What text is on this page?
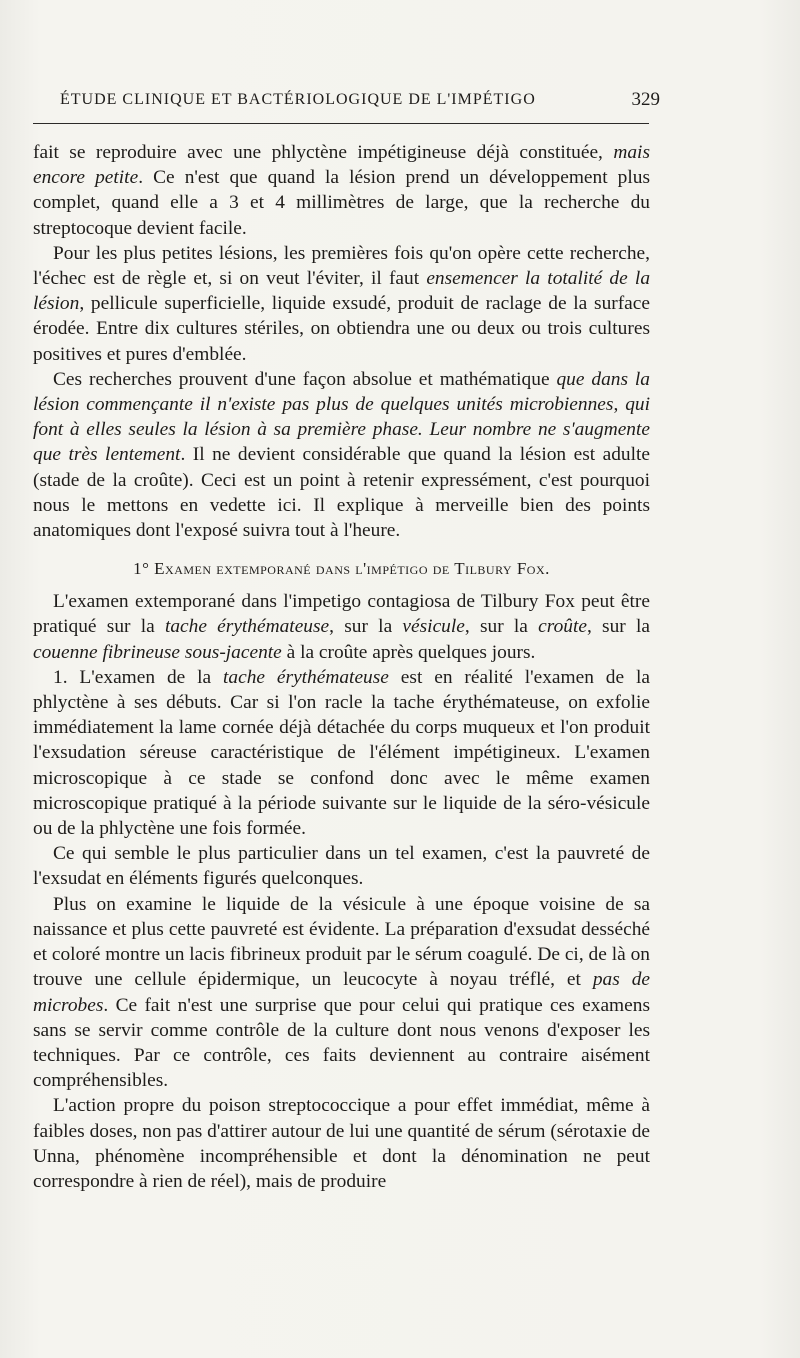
ÉTUDE CLINIQUE ET BACTÉRIOLOGIQUE DE L'IMPÉTIGO	329

fait se reproduire avec une phlyctène impétigineuse déjà constituée, mais encore petite. Ce n'est que quand la lésion prend un développement plus complet, quand elle a 3 et 4 millimètres de large, que la recherche du streptocoque devient facile.

Pour les plus petites lésions, les premières fois qu'on opère cette recherche, l'échec est de règle et, si on veut l'éviter, il faut ensemencer la totalité de la lésion, pellicule superficielle, liquide exsudé, produit de raclage de la surface érodée. Entre dix cultures stériles, on obtiendra une ou deux ou trois cultures positives et pures d'emblée.

Ces recherches prouvent d'une façon absolue et mathématique que dans la lésion commençante il n'existe pas plus de quelques unités microbiennes, qui font à elles seules la lésion à sa première phase. Leur nombre ne s'augmente que très lentement. Il ne devient considérable que quand la lésion est adulte (stade de la croûte). Ceci est un point à retenir expressément, c'est pourquoi nous le mettons en vedette ici. Il explique à merveille bien des points anatomiques dont l'exposé suivra tout à l'heure.

1° Examen extemporané dans l'impétigo de Tilbury Fox.

L'examen extemporané dans l'impetigo contagiosa de Tilbury Fox peut être pratiqué sur la tache érythémateuse, sur la vésicule, sur la croûte, sur la couenne fibrineuse sous-jacente à la croûte après quelques jours.

1. L'examen de la tache érythémateuse est en réalité l'examen de la phlyctène à ses débuts. Car si l'on racle la tache érythémateuse, on exfolie immédiatement la lame cornée déjà détachée du corps muqueux et l'on produit l'exsudation séreuse caractéristique de l'élément impétigineux. L'examen microscopique à ce stade se confond donc avec le même examen microscopique pratiqué à la période suivante sur le liquide de la séro-vésicule ou de la phlyctène une fois formée.

Ce qui semble le plus particulier dans un tel examen, c'est la pauvreté de l'exsudat en éléments figurés quelconques.

Plus on examine le liquide de la vésicule à une époque voisine de sa naissance et plus cette pauvreté est évidente. La préparation d'exsudat desséché et coloré montre un lacis fibrineux produit par le sérum coagulé. De ci, de là on trouve une cellule épidermique, un leucocyte à noyau tréflé, et pas de microbes. Ce fait n'est une surprise que pour celui qui pratique ces examens sans se servir comme contrôle de la culture dont nous venons d'exposer les techniques. Par ce contrôle, ces faits deviennent au contraire aisément compréhensibles.

L'action propre du poison streptococcique a pour effet immédiat, même à faibles doses, non pas d'attirer autour de lui une quantité de sérum (sérotaxie de Unna, phénomène incompréhensible et dont la dénomination ne peut correspondre à rien de réel), mais de produire
